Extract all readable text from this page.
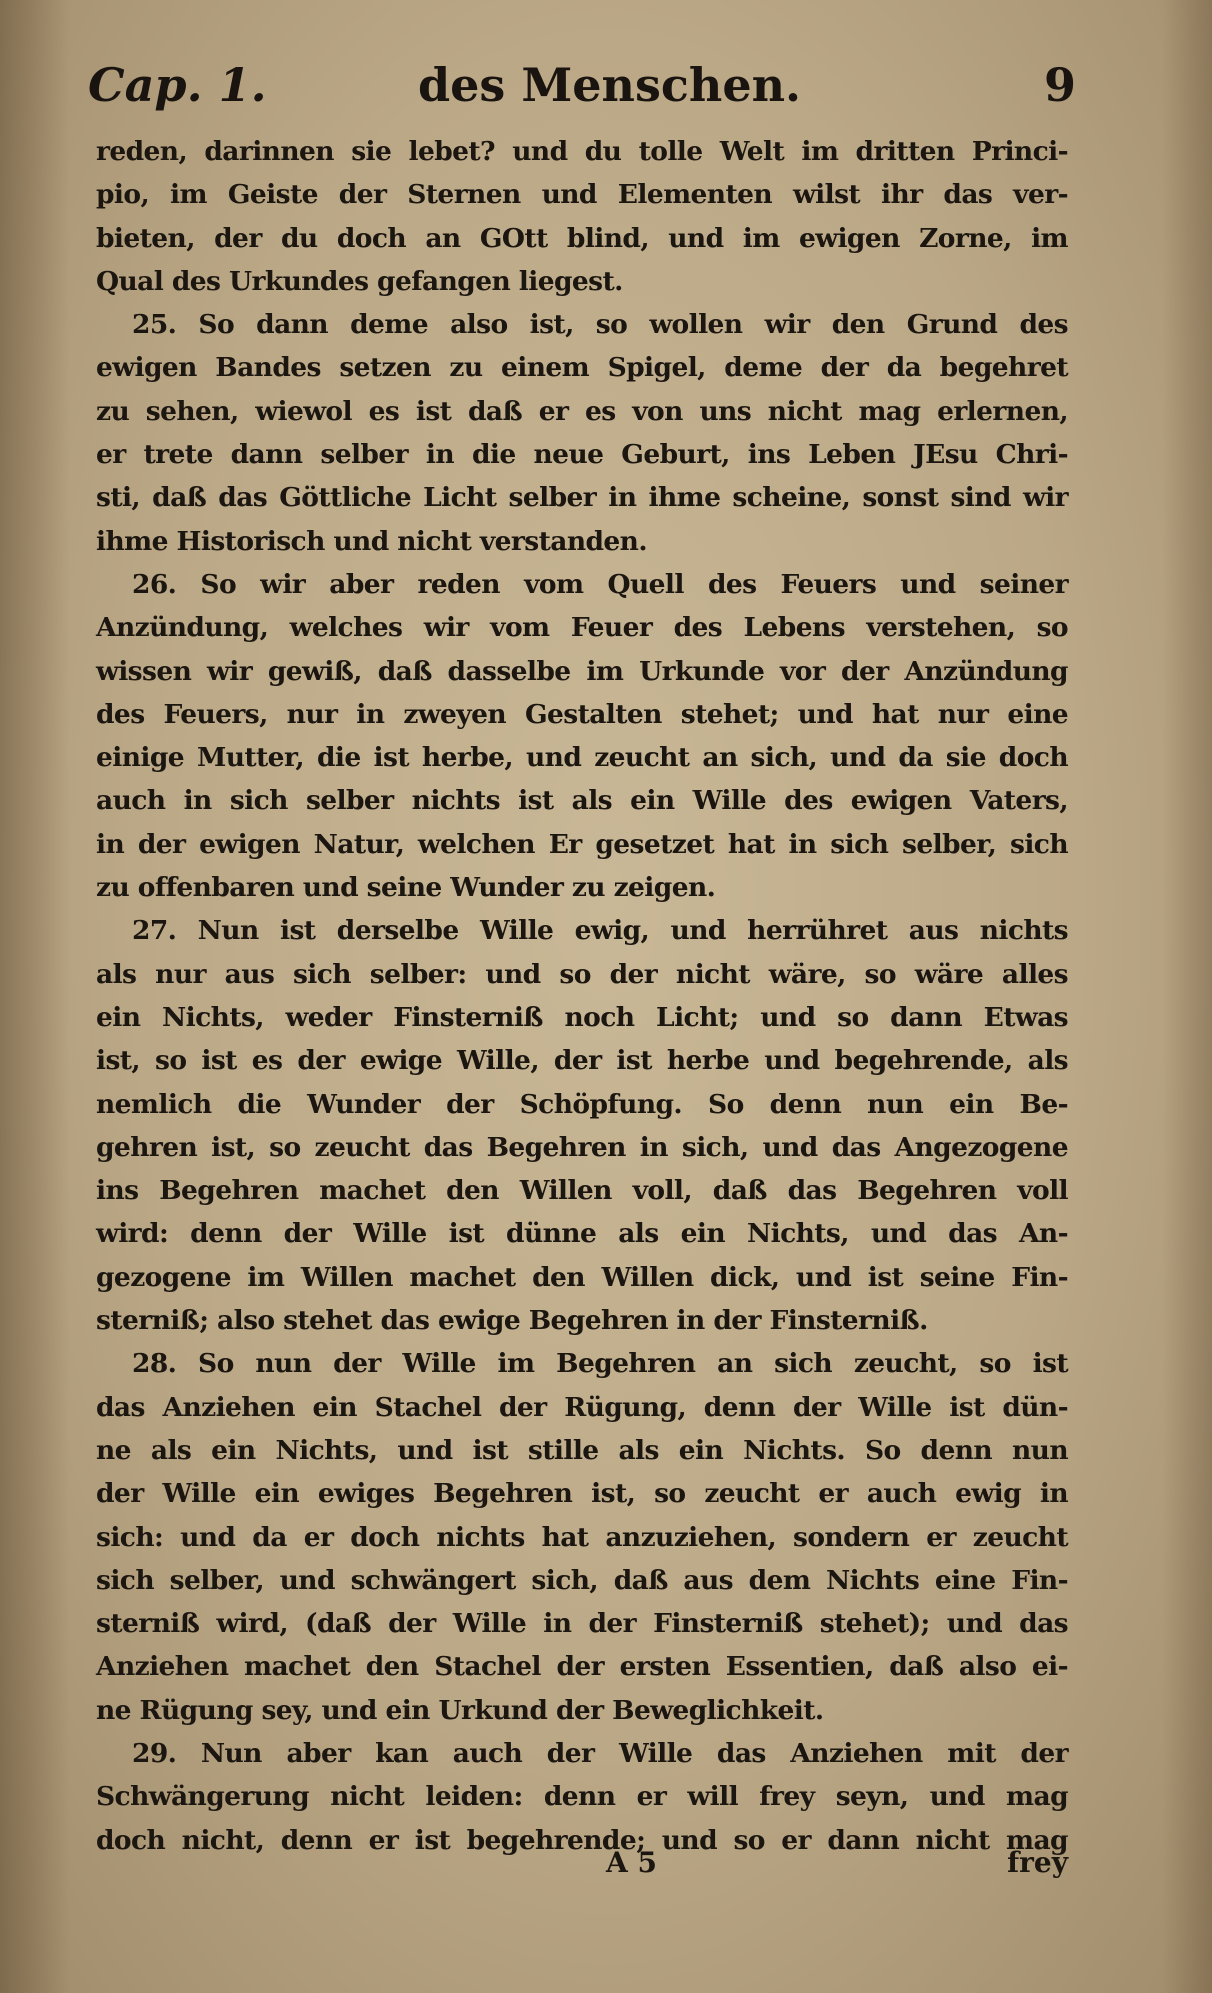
Cap. 1.	des Menschen.	9

reden, darinnen sie lebet? und du tolle Welt im dritten Princi-

pio, im Geiste der Sternen und Elementen wilst ihr das ver-

bieten, der du doch an GOtt blind, und im ewigen Zorne, im

Qual des Urkundes gefangen liegest.

25. So dann deme also ist, so wollen wir den Grund des

ewigen Bandes setzen zu einem Spigel, deme der da begehret

zu sehen, wiewol es ist daß er es von uns nicht mag erlernen,

er trete dann selber in die neue Geburt, ins Leben JEsu Chri-

sti, daß das Göttliche Licht selber in ihme scheine, sonst sind wir

ihme Historisch und nicht verstanden.

26. So wir aber reden vom Quell des Feuers und seiner

Anzündung, welches wir vom Feuer des Lebens verstehen, so

wissen wir gewiß, daß dasselbe im Urkunde vor der Anzündung

des Feuers, nur in zweyen Gestalten stehet; und hat nur eine

einige Mutter, die ist herbe, und zeucht an sich, und da sie doch

auch in sich selber nichts ist als ein Wille des ewigen Vaters,

in der ewigen Natur, welchen Er gesetzet hat in sich selber, sich

zu offenbaren und seine Wunder zu zeigen.

27. Nun ist derselbe Wille ewig, und herrühret aus nichts

als nur aus sich selber: und so der nicht wäre, so wäre alles

ein Nichts, weder Finsterniß noch Licht; und so dann Etwas

ist, so ist es der ewige Wille, der ist herbe und begehrende, als

nemlich die Wunder der Schöpfung. So denn nun ein Be-

gehren ist, so zeucht das Begehren in sich, und das Angezogene

ins Begehren machet den Willen voll, daß das Begehren voll

wird: denn der Wille ist dünne als ein Nichts, und das An-

gezogene im Willen machet den Willen dick, und ist seine Fin-

sterniß; also stehet das ewige Begehren in der Finsterniß.

28. So nun der Wille im Begehren an sich zeucht, so ist

das Anziehen ein Stachel der Rügung, denn der Wille ist dün-

ne als ein Nichts, und ist stille als ein Nichts. So denn nun

der Wille ein ewiges Begehren ist, so zeucht er auch ewig in

sich: und da er doch nichts hat anzuziehen, sondern er zeucht

sich selber, und schwängert sich, daß aus dem Nichts eine Fin-

sterniß wird, (daß der Wille in der Finsterniß stehet); und das

Anziehen machet den Stachel der ersten Essentien, daß also ei-

ne Rügung sey, und ein Urkund der Beweglichkeit.

29. Nun aber kan auch der Wille das Anziehen mit der

Schwängerung nicht leiden: denn er will frey seyn, und mag

doch nicht, denn er ist begehrende; und so er dann nicht mag

A 5	frey
